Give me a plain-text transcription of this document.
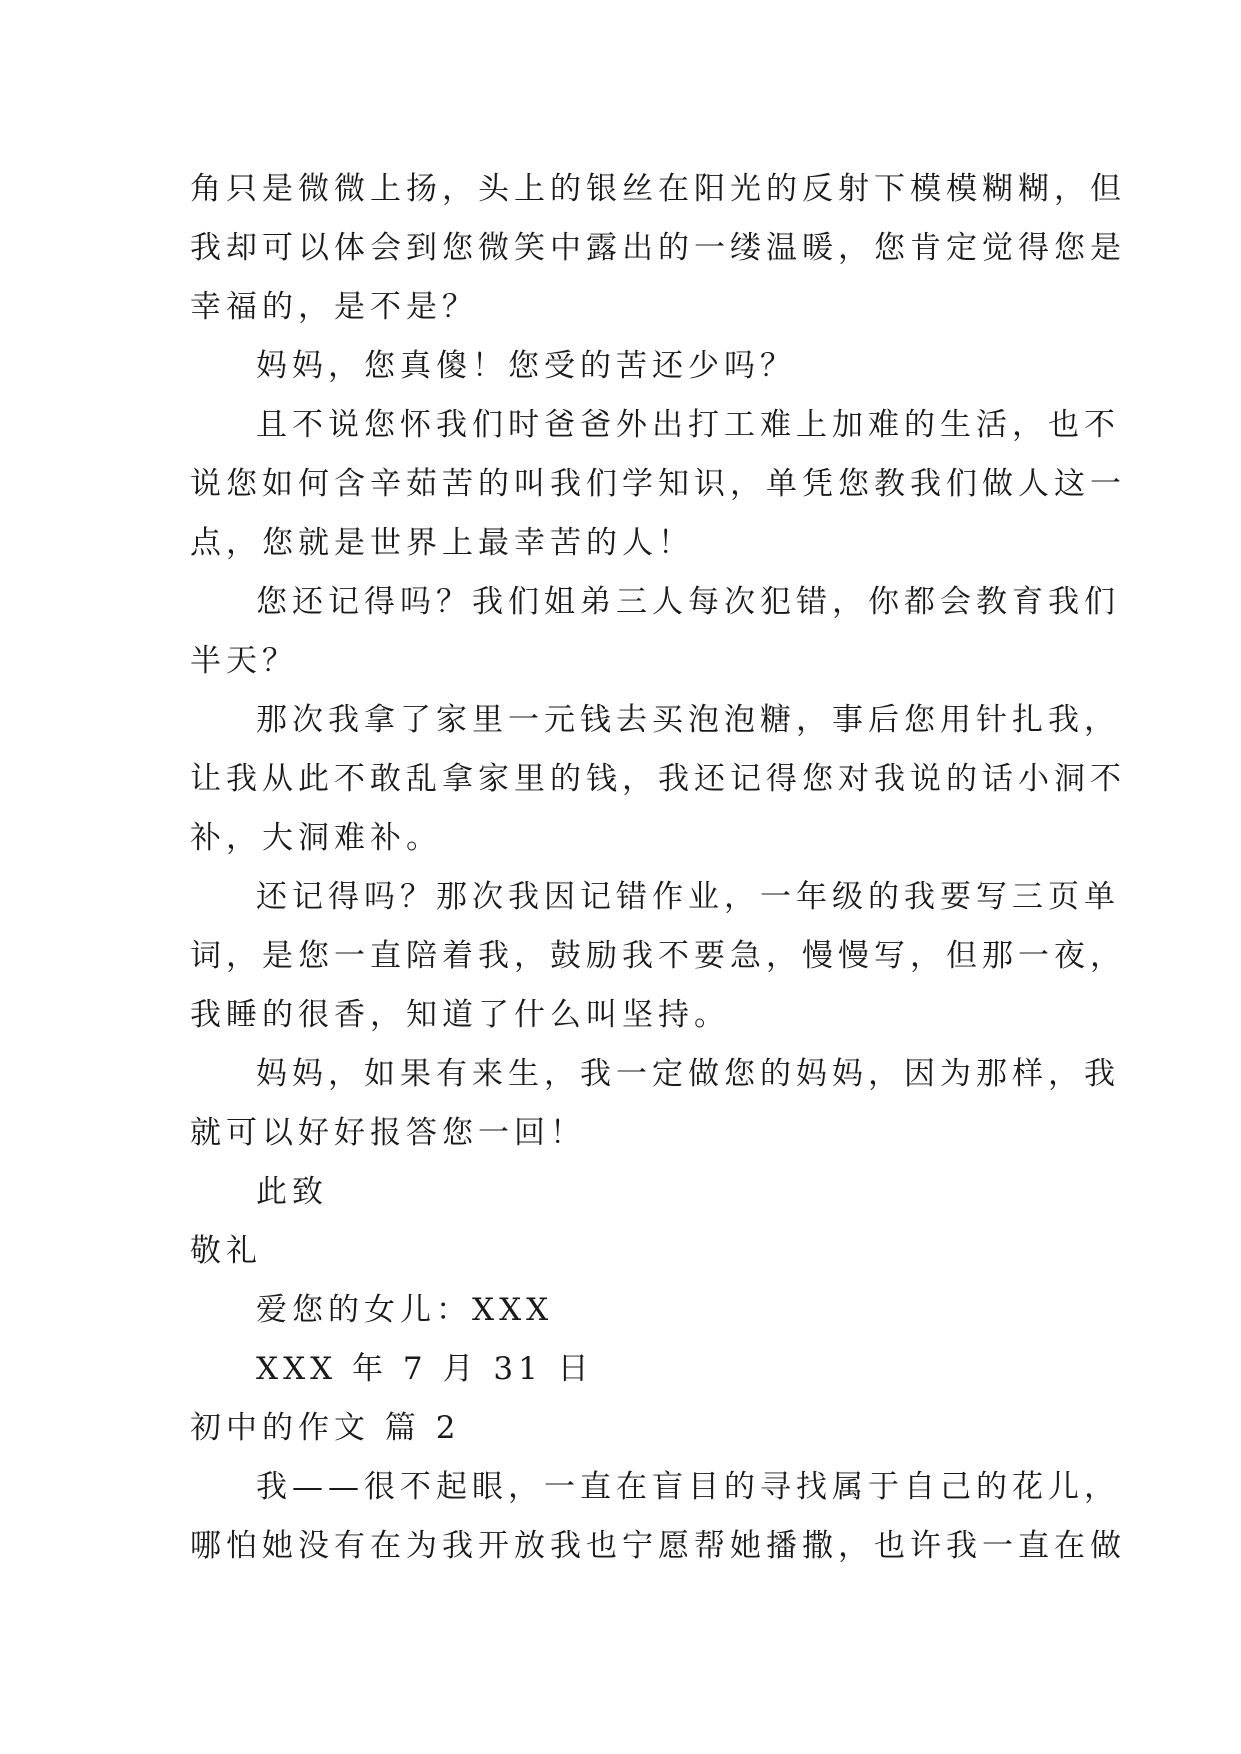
角只是微微上扬，头上的银丝在阳光的反射下模模糊糊，但
我却可以体会到您微笑中露出的一缕温暖，您肯定觉得您是
幸福的，是不是？
妈妈，您真傻！您受的苦还少吗？
且不说您怀我们时爸爸外出打工难上加难的生活，也不
说您如何含辛茹苦的叫我们学知识，单凭您教我们做人这一
点，您就是世界上最幸苦的人！
您还记得吗？我们姐弟三人每次犯错，你都会教育我们
半天？
那次我拿了家里一元钱去买泡泡糖，事后您用针扎我，
让我从此不敢乱拿家里的钱，我还记得您对我说的话小洞不
补，大洞难补。
还记得吗？那次我因记错作业，一年级的我要写三页单
词，是您一直陪着我，鼓励我不要急，慢慢写，但那一夜，
我睡的很香，知道了什么叫坚持。
妈妈，如果有来生，我一定做您的妈妈，因为那样，我
就可以好好报答您一回！
此致
敬礼
爱您的女儿：XXX
XXX 年 7 月 31 日
初中的作文 篇 2
我——很不起眼，一直在盲目的寻找属于自己的花儿，
哪怕她没有在为我开放我也宁愿帮她播撒，也许我一直在做
